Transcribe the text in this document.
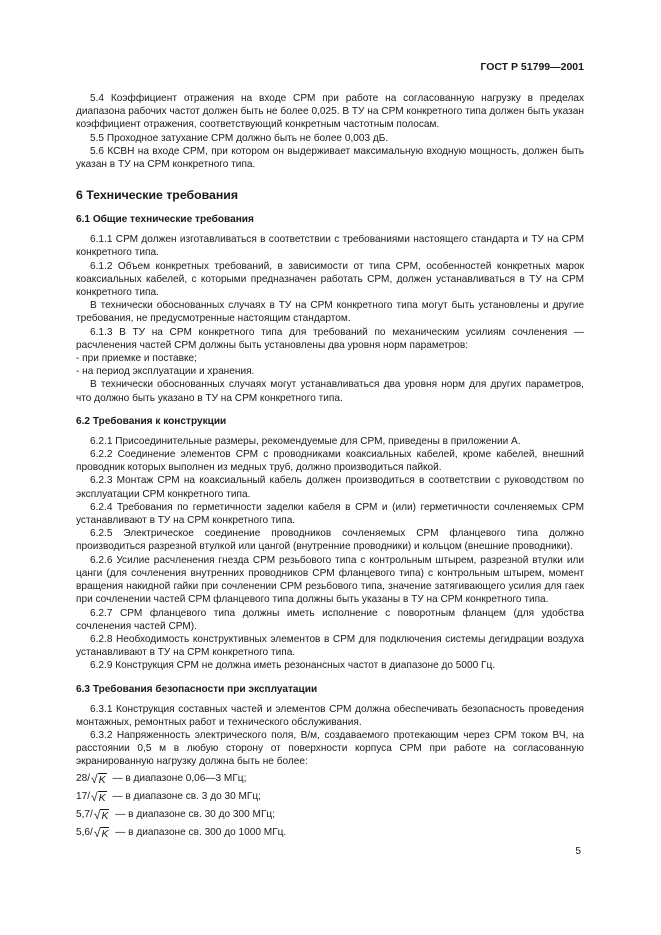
ГОСТ Р 51799—2001

5.4 Коэффициент отражения на входе СРМ при работе на согласованную нагрузку в пределах диапазона рабочих частот должен быть не более 0,025. В ТУ на СРМ конкретного типа должен быть указан коэффициент отражения, соответствующий конкретным частотным полосам.

5.5 Проходное затухание СРМ должно быть не более 0,003 дБ.

5.6 КСВН на входе СРМ, при котором он выдерживает максимальную входную мощность, должен быть указан в ТУ на СРМ конкретного типа.

6 Технические требования
6.1 Общие технические требования

6.1.1 СРМ должен изготавливаться в соответствии с требованиями настоящего стандарта и ТУ на СРМ конкретного типа.

6.1.2 Объем конкретных требований, в зависимости от типа СРМ, особенностей конкретных марок коаксиальных кабелей, с которыми предназначен работать СРМ, должен устанавливаться в ТУ на СРМ конкретного типа.

В технически обоснованных случаях в ТУ на СРМ конкретного типа могут быть установлены и другие требования, не предусмотренные настоящим стандартом.

6.1.3 В ТУ на СРМ конкретного типа для требований по механическим усилиям сочленения — расчленения частей СРМ должны быть установлены два уровня норм параметров:

- при приемке и поставке;

- на период эксплуатации и хранения.

В технически обоснованных случаях могут устанавливаться два уровня норм для других параметров, что должно быть указано в ТУ на СРМ конкретного типа.

6.2 Требования к конструкции

6.2.1 Присоединительные размеры, рекомендуемые для СРМ, приведены в приложении А.

6.2.2 Соединение элементов СРМ с проводниками коаксиальных кабелей, кроме кабелей, внешний проводник которых выполнен из медных труб, должно производиться пайкой.

6.2.3 Монтаж СРМ на коаксиальный кабель должен производиться в соответствии с руководством по эксплуатации СРМ конкретного типа.

6.2.4 Требования по герметичности заделки кабеля в СРМ и (или) герметичности сочленяемых СРМ устанавливают в ТУ на СРМ конкретного типа.

6.2.5 Электрическое соединение проводников сочленяемых СРМ фланцевого типа должно производиться разрезной втулкой или цангой (внутренние проводники) и кольцом (внешние проводники).

6.2.6 Усилие расчленения гнезда СРМ резьбового типа с контрольным штырем, разрезной втулки или цанги (для сочленения внутренних проводников СРМ фланцевого типа) с контрольным штырем, момент вращения накидной гайки при сочленении СРМ резьбового типа, значение затягивающего усилия для гаек при сочленении частей СРМ фланцевого типа должны быть указаны в ТУ на СРМ конкретного типа.

6.2.7 СРМ фланцевого типа должны иметь исполнение с поворотным фланцем (для удобства сочленения частей СРМ).

6.2.8 Необходимость конструктивных элементов в СРМ для подключения системы дегидрации воздуха устанавливают в ТУ на СРМ конкретного типа.

6.2.9 Конструкция СРМ не должна иметь резонансных частот в диапазоне до 5000 Гц.

6.3 Требования безопасности при эксплуатации

6.3.1 Конструкция составных частей и элементов СРМ должна обеспечивать безопасность проведения монтажных, ремонтных работ и технического обслуживания.

6.3.2 Напряженность электрического поля, В/м, создаваемого протекающим через СРМ током ВЧ, на расстоянии 0,5 м в любую сторону от поверхности корпуса СРМ при работе на согласованную экранированную нагрузку должна быть не более:

28/√K — в диапазоне 0,06—3 МГц;
17/√K — в диапазоне св. 3 до 30 МГц;
5,7/√K — в диапазоне св. 30 до 300 МГц;
5,6/√K — в диапазоне св. 300 до 1000 МГц.
5
